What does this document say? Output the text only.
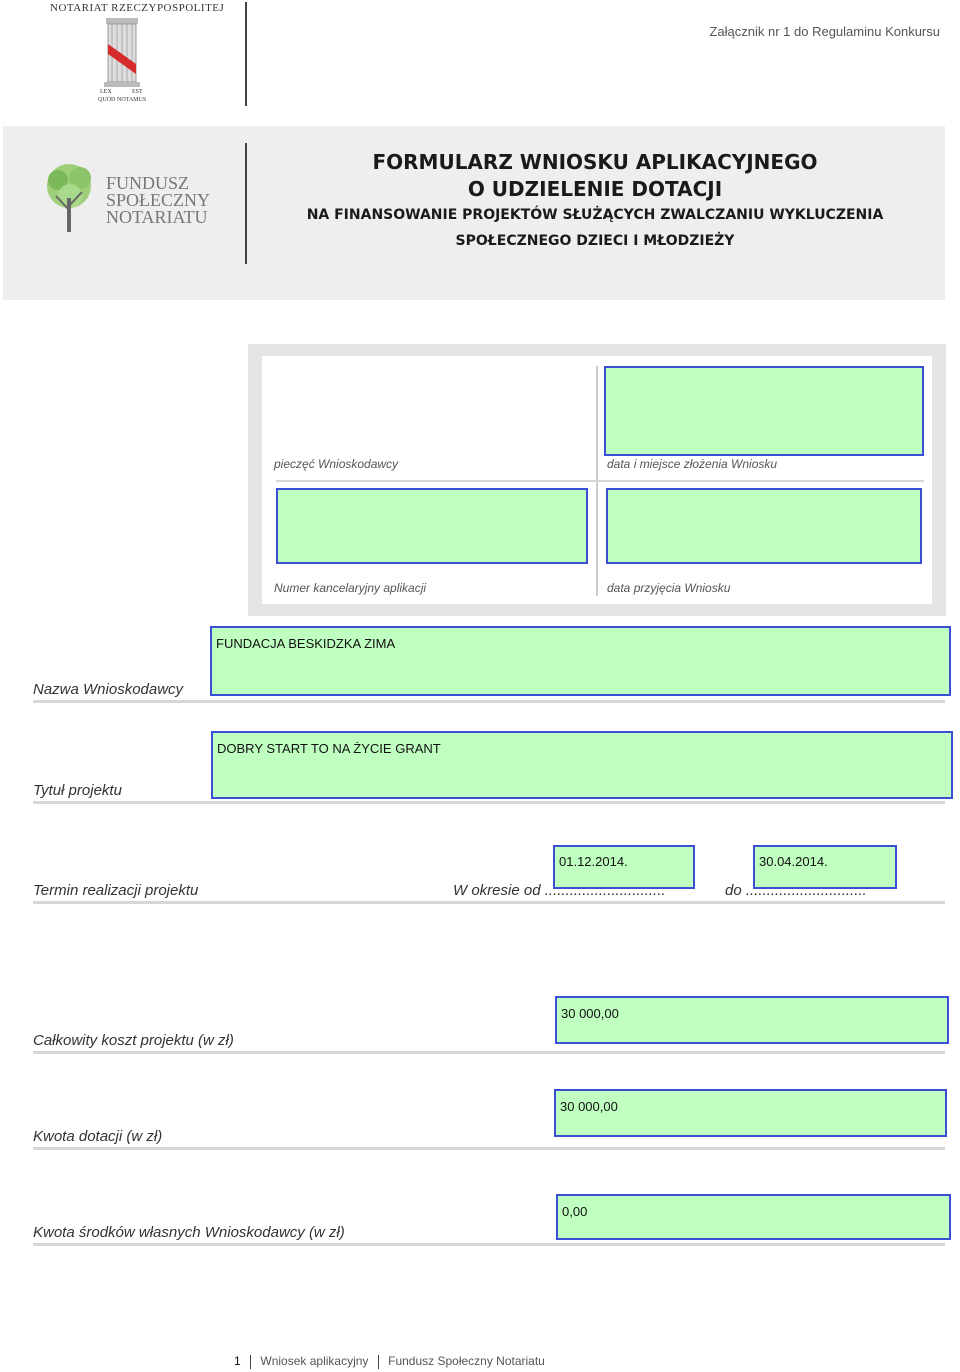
NOTARIAT RZECZYPOSPOLITEJ
LEX	EST
QUOD NOTAMUS
Załącznik nr 1 do Regulaminu Konkursu
FUNDUSZ
SPOŁECZNY
NOTARIATU
FORMULARZ WNIOSKU APLIKACYJNEGO
O UDZIELENIE DOTACJI
NA FINANSOWANIE PROJEKTÓW SŁUŻĄCYCH ZWALCZANIU WYKLUCZENIA
SPOŁECZNEGO DZIECI I MŁODZIEŻY
pieczęć Wnioskodawcy	data i miejsce złożenia Wniosku
Numer kancelaryjny aplikacji	data przyjęcia Wniosku
FUNDACJA BESKIDZKA ZIMA
Nazwa Wnioskodawcy
DOBRY START TO NA ŻYCIE GRANT
Tytuł projektu
01.12.2014.	30.04.2014.
Termin realizacji projektu	W okresie od .............................	do .............................
30 000,00
Całkowity koszt projektu (w zł)
30 000,00
Kwota dotacji (w zł)
0,00
Kwota środków własnych Wnioskodawcy (w zł)
1 Wniosek aplikacyjny Fundusz Społeczny Notariatu
